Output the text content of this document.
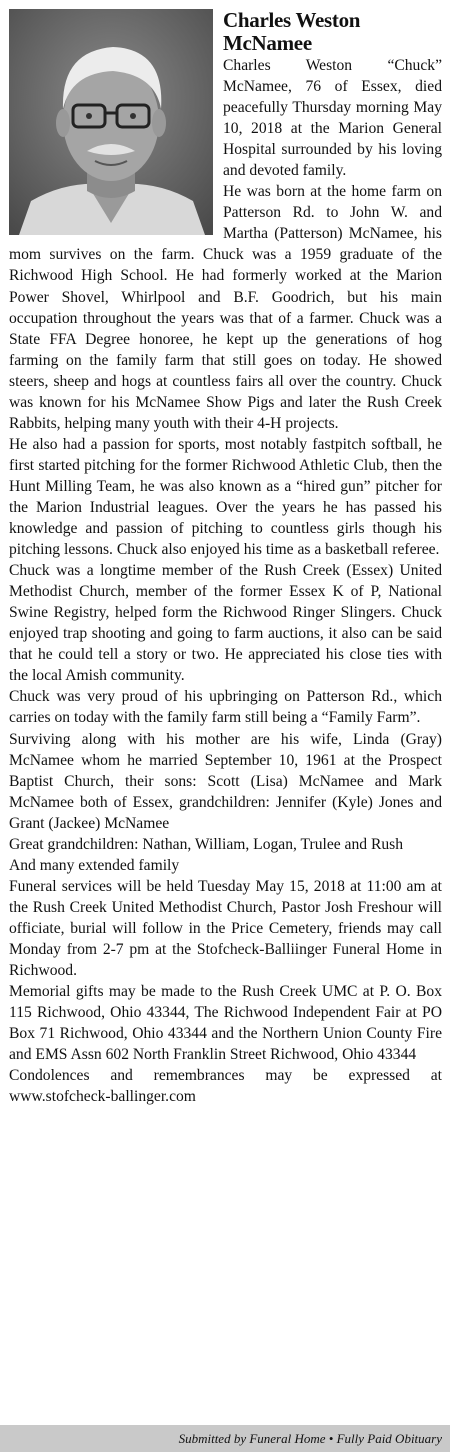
Charles Weston McNamee

Charles Weston “Chuck” McNamee, 76 of Essex, died peacefully Thursday morning May 10, 2018 at the Marion General Hospital surrounded by his loving and devoted family.

He was born at the home farm on Patterson Rd. to John W. and Martha (Patterson) McNamee, his mom survives on the farm. Chuck was a 1959 graduate of the Richwood High School. He had formerly worked at the Marion Power Shovel, Whirlpool and B.F. Goodrich, but his main occupation throughout the years was that of a farmer. Chuck was a State FFA Degree honoree, he kept up the generations of hog farming on the family farm that still goes on today. He showed steers, sheep and hogs at countless fairs all over the country. Chuck was known for his McNamee Show Pigs and later the Rush Creek Rabbits, helping many youth with their 4-H projects.

He also had a passion for sports, most notably fastpitch softball, he first started pitching for the former Richwood Athletic Club, then the Hunt Milling Team, he was also known as a “hired gun” pitcher for the Marion Industrial leagues. Over the years he has passed his knowledge and passion of pitching to countless girls though his pitching lessons. Chuck also enjoyed his time as a basketball referee.

Chuck was a longtime member of the Rush Creek (Essex) United Methodist Church, member of the former Essex K of P, National Swine Registry, helped form the Richwood Ringer Slingers. Chuck enjoyed trap shooting and going to farm auctions, it also can be said that he could tell a story or two. He appreciated his close ties with the local Amish community.

Chuck was very proud of his upbringing on Patterson Rd., which carries on today with the family farm still being a “Family Farm”.

Surviving along with his mother are his wife, Linda (Gray) McNamee whom he married September 10, 1961 at the Prospect Baptist Church, their sons: Scott (Lisa) McNamee and Mark McNamee both of Essex, grandchildren: Jennifer (Kyle) Jones and Grant (Jackee) McNamee

Great grandchildren: Nathan, William, Logan, Trulee and Rush

And many extended family

Funeral services will be held Tuesday May 15, 2018 at 11:00 am at the Rush Creek United Methodist Church, Pastor Josh Freshour will officiate, burial will follow in the Price Cemetery, friends may call Monday from 2-7 pm at the Stofcheck-Balliinger Funeral Home in Richwood.

Memorial gifts may be made to the Rush Creek UMC at P. O. Box 115 Richwood, Ohio 43344, The Richwood Independent Fair at PO Box 71 Richwood, Ohio 43344 and the Northern Union County Fire and EMS Assn 602 North Franklin Street Richwood, Ohio 43344

Condolences and remembrances may be expressed at www.stofcheck-ballinger.com

Submitted by Funeral Home • Fully Paid Obituary
